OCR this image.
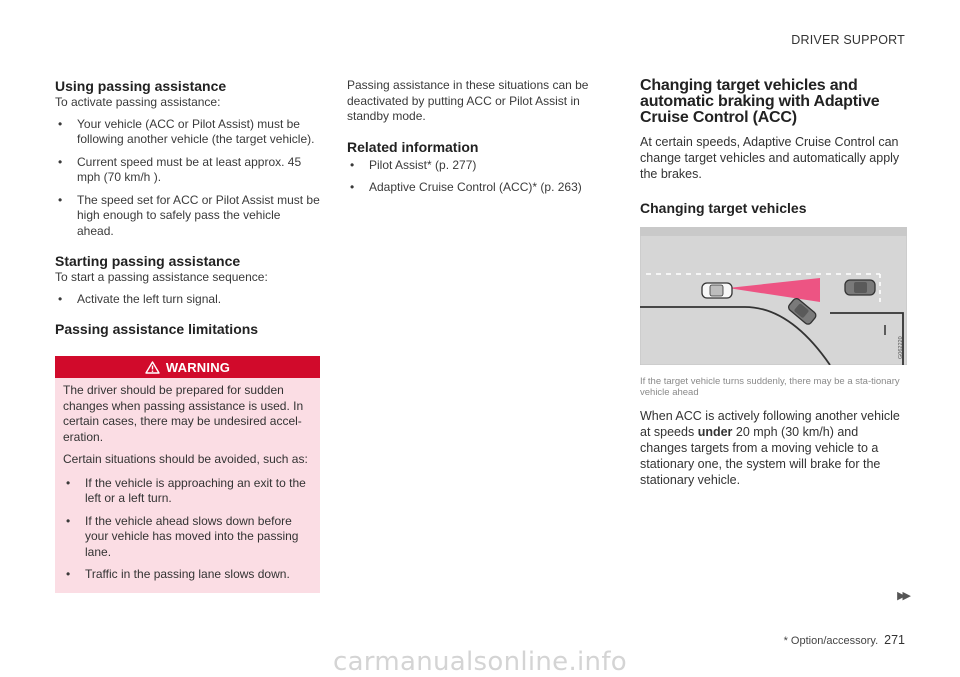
DRIVER SUPPORT
Using passing assistance

To activate passing assistance:

• Your vehicle (ACC or Pilot Assist) must be following another vehicle (the target vehicle).
• Current speed must be at least approx. 45 mph (70 km/h ).
• The speed set for ACC or Pilot Assist must be high enough to safely pass the vehicle ahead.
Starting passing assistance

To start a passing assistance sequence:

• Activate the left turn signal.
Passing assistance limitations
WARNING

The driver should be prepared for sudden changes when passing assistance is used. In certain cases, there may be undesired accel-eration.

Certain situations should be avoided, such as:

• If the vehicle is approaching an exit to the left or a left turn.
• If the vehicle ahead slows down before your vehicle has moved into the passing lane.
• Traffic in the passing lane slows down.

Passing assistance in these situations can be deactivated by putting ACC or Pilot Assist in standby mode.

Related information
• Pilot Assist* (p. 277)
• Adaptive Cruise Control (ACC)* (p. 263)
Changing target vehicles and automatic braking with Adaptive Cruise Control (ACC)

At certain speeds, Adaptive Cruise Control can change target vehicles and automatically apply the brakes.

Changing target vehicles
G062220

If the target vehicle turns suddenly, there may be a sta-tionary vehicle ahead

When ACC is actively following another vehicle at speeds under 20 mph (30 km/h) and changes targets from a moving vehicle to a stationary one, the system will brake for the stationary vehicle.

▶▶
* Option/accessory. 271
carmanualsonline.info
